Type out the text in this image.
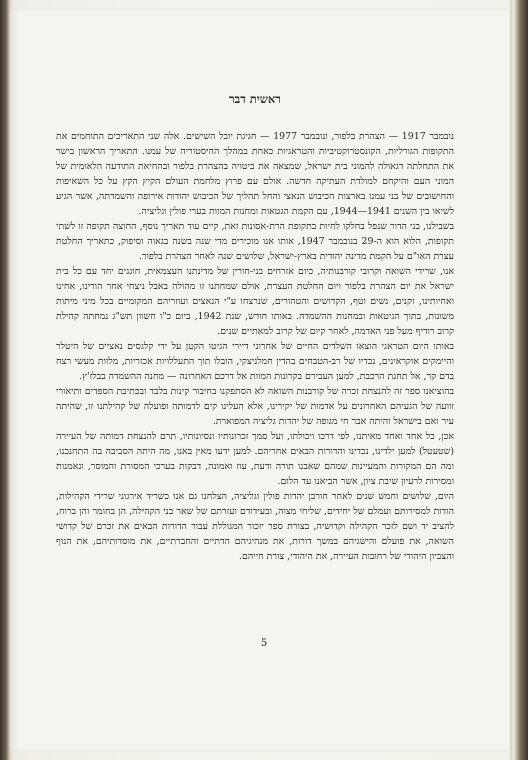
ראשית דבר

נובמבר 1917 — הצהרת בלפור, ונובמבר 1977 — חגיגת יובל השישים. אלה שני התאריכים התוחמים את התקופות הגורליות, הקונסטרוקטיביות והטראגיות כאחת במהלך ההיסטוריה של עמנו. התאריך הראשון בישר את התחלתה דגאולה להמוני בית ישראל, שמצאה את ביטויה בהצהרת בלפור ובהחיאת התודעה הלאומית של המוני העם והיקחם למולדת העתיקה חדשה. אולם עם פרוץ מלחמת העולם הקיץ הקץ על כל השאיפות והחישובים של בני עמנו בארצות הכיבוש הנאצי והחל תהליך של הכיבוש יהודות אירופה והשמדתה, אשר הגיע לשיאו בין השנים 1941—1944, עם הקמת הגטאות ומחנות המוות בערי פולין וגליציה.

בשבילנו, בני הדור שנפל בחלקו לחיות בתקופת הרת-אסונות זאת, קיים עוד תאריך נוסף, החוצה תקופה זו לשתי תקופות, הלוא הוא ה-29 בנובמבר 1947, אותו אנו מוכירים מדי שנה בשנה בגאוה וסיפוק, כתאריך החלטת עצרת האו"ם על הקמת מדינה יהודית בארץ-ישראל, שלושים שנה לאחר הצהרת בלפור.

אנו, שרידי השואה וקרובי קורבנותיה, כיום אזרחים בני-חורין של מדינתנו העצמאית, חוגגים יחד עם כל בית ישראל את יום הצהרת בלפור ויום החלטת העצרת, אולם שמחתנו זו מהולה באבל ניצחי אחר הורינו, אחינו ואחיותינו, זקנים, נשים וטף, הקדושים והטהורים, שנרצחו ע"י הנאצים ועוזריהם המקומיים בכל מיני מיתות משונות, בתוך הגיטאות ובמחנות ההשמדה. באותו חודש, שנת 1942, ביום כ"ו חשוון תש"ג נמחתה קהילת קרוב רודיף מעל פני האדמה, לאחר קיום של קרוב למאתיים שנים.

באותו היום הטראגי הוצאו השלדים החיים של אחרוני דיירי הגיטו הקטן על ידי קלגסים נאציים של היטלר והיימקים אוקראינים, נכדיו של רב-הטבחים בהדין חמלניצקי, הובלו תוך התעללויות אכזריות, מלוות מעשי רצח בדם קר, אל תחנת הרכבת, למען העבירם בקרונות המוות אל דרכם האחרונה — מחנה ההשמדה בבלז'ץ.

בהוציאנו ספר זה להנצחת זכרה של קורבנות השואה לא הסתפקנו בחיבור קינות בלבד ובכתיבת הספדים ותיאורי זוועה של הגעיהם האחרונים על אדמות של יקירינו, אלא העלינו קים לדמותה ופועלה של קהילתנו זו, שהיתה עיר ואם בישראל והיתה אבר חי מגופה של יהדות גליציה המפוארת.

אכן, כל אחד ואחד מאיתנו, לפי דרכו ויכולתו, ועל סמך זכרונותיו ונסיונותיו, תרם להנצחת דמותה של העיירה (שטעטל) למען ילדינו, נכדינו והדורות הבאים אחריהם. למען ידעו מאין באנו, מה היתה הסביבה בה התחנכנו, ומה הם המקורות והמעיינות שמהם שאבנו תורה ודעת, עוז ואמונה, דבקות בערכי המסורת והמוסר, ונאמנות ומסירות לרעיון שיבת ציון, אשר הביאנו עד הלום.

היום, שלושים וחמש שנים לאחר חורבן יהדות פולין וגליציה, הצלחנו גם אנו כשריד אירגוני שרידי הקהילות, הודות למסירותם ועמלם של יחידים, שליחי מצוה, ובעידודם ועזרתם של שאר בני הקהילה, הן בחומר והן ברוח, להציב יד ושם לזכר הקהילה וקדושיה, בצורת ספר יזכור המגוללת עבור הדורות הבאים את זכרם של קדושי השואה, את פועלם והישגיהם במשך דורות, את מנהיגיהם הדתיים והחברתיים, את מוסדותיהם, את הנוף והצביון היהודי של רחובות העיירה, את היהודי, צורת חייהם.

5
